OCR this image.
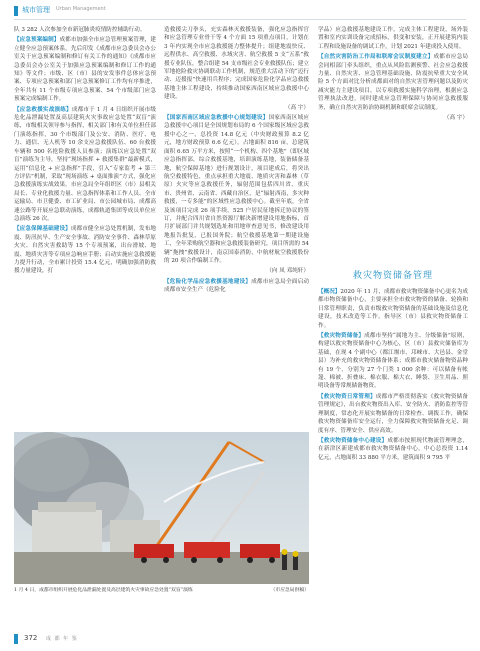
城市管理 Urban Management

队 3 282 人次参加全市新冠肺炎疫情防控辅助行动。

【应急预案编制】成都市加强全市应急管理预案管理，建立健全应急预案体系。先后印发《成都市应急委员会办公室关于应急预案编制和修订有关工作的通知》《成都市应急委员会办公室关于加强应急预案编制和修订工作的通知》等文件；市级、区（市）县的安发事件总体应急预案、专项应急预案和部门应急预案修订工作均有序推进，全年共有 11 个市级专项应急预案、54 个市级部门应急预案完成编制工作。

【应急救援实战演练】成都市于 1 月 4 日组织开展市级危化品泄漏处置及高层建筑火灾事故应急处置“双盲”演练，市级相关领导参与指挥，相关部门和有关单位担任部门演练指挥，30 个市级部门及公安、消防、医疗、电力、通信、无人机等 10 余支应急救援队伍、60 台救援车辆和 500 名抢险救援人员参演；演练以应急处置“双盲”演练为主导，坚持“现场指挥 + 救援集群”最新模式，运用“信息化 + 应急指挥”手段，引入“专家监考 + 第三方评估”机制，采取“现场演练 + 桌面推演”方式，强化应急救援演练实战效果。市应急局全年组织区（市）县相关局长、专业化救援力量、应急指挥体系和工作人员、全市运输局、市卫健委、市工矿业局、市公园城市局、成都高速公路等开展应急联动演练，成都轨道集团等成员单位应急演练 26 次。

【应急保障基础建设】成都市健全应急处置机制，发布地震、防汛抗旱、生产安全事故、消防安全事件、森林草原火灾、自然灾害救助等 15 个专项预案，出台滑坡、地震、地质灾害等专项应急响应手册；启动实施应急救援能力提升行动，全市累计投资 15.4 亿元，明确加强消防救援力量建设，打

造救援尖刀拳头，充实森林灭救援装备，强化应急指挥官和应急管理专业骨干等 4 个方面 15 项重点项目，计划在 3 年内实现全市应急救援能力整体提升；组建地震快反、远程供水、高空救援、水域灾害、航空救援 5 支“五系”救援专业队伍，整合组建 54 支市级社会专业救援队伍；建立军地抢险救灾协调联动工作机制，规范重大活动下的“迈行动、迈援报”快速用兵程序；完成国家危险化学品应急救援基地主体工程建设，持续推动国家西南区域应急救援中心建设。

（高 宇）

【国家西南区域应急救援中心规划建设】国家西南区域应急救援中心项目是全国规划布局的 6 个国家级区域应急救援中心之一，总投资 14.8 亿元（中央财政预算 8.2 亿元，地方财政预算 6.6 亿元），占地面积 816 亩，总建筑面积 6.65 万平方米，按照“一个机构、四个基地”（即区域应急指挥部，综合救援基地，培训演练基地，装备储备基地，航空保障基地）进行规划设计，项目建成后，将突出航空救援特色，重点承担重大地震、地质灾害和森林（草原）火灾等应急救援任务，辐射范围包括四川省、重庆市、贵州省、云南省、西藏自治区，是“辐射西南，多灾种救援，一专多能”的区域性应急救援中心。截至年底，全省及该项目完成 26 项手续，525 户居民征地拆迁协议的签订，并配合四川省自然资源厅解决新增建设用地指标，首月扩展部门并共规划选址和用地审查意见书，修改建设用地报告批复，已报国务院；航空救援基地第一期建设施工，全年采购航空器和应急救援装备研究，项目所需的 54 辆“拖拽”救援设计，南京国泰消防，中航材航空救援股份的 20 项合作编制工作。

（向 凤 邓纯轩）

【危险化学品应急救援基地建设】成都市应急局全面启动成都市安全生产（危险化

学品）应急救援基地建设工作，完成主体工程建设，场外装置和室内实训设备完成招标，供变和安装，正开展建筑内装工程和设施设备的调试工作，计划 2021 年建成投入使用。

【自然灾害防治工作局和联席会议制度建立】成都市应急局会同相部门牵头组织，重点从风险监测预警、社会应急救援力量、自然灾害、应急管理基础设施、防震抗晕重大安全风险 5 个方面对比分析成都面对的自然灾害管理问题以及防灾减灾能力主建设项目，以专项救援实施科学治理，根据应急管理执法改进，同时建成应急管理保障与协同应急救援服务，确立自然灾害防治协调机制和联席会议制度。

（高 宇）

救灾物资储备管理

【概况】2020 年 11 月，成都市救灾物资储备中心更名为成都市物资储备中心，主要承担全市救灾物资的储备、轮换和日常管理职责，负责市级救灾物资储备的基础设施及信息化建设，技术改造等工作，指导区（市）县救灾物资储备工作。

【救灾物资储备】成都市坚持“属地为主、分级储备”原则，构建以救灾物资储备中心为核心，区（市）县救灾储备库为基础，在现 4 个副中心（都江堰市、邛崃市、大邑县、金堂县）为补充的救灾物资储备体系；成都市救灾储备物资品种有 19 个，分别为 27 个门类 1 000 余种：可以储备有帐篷、棉被、折叠床、棉衣服、棉大衣、睡袋、卫生用品、照明设备等常规储备物资。

【救灾物资日常管理】成都市严格贯彻落实《救灾物资储备管理规定》，出台救灾物资出入库、安全防火、消防监控等管理制度，常态化开展实物储备的日常检查、调拨工作，确保救灾物资储备库安全运行，全力保障救灾物资储备充足、调度有序、管理安全、供应高效。

【救灾物资储备中心建设】成都市按照现代物流管理理念，在新津区新建成都市救灾物资储备中心，中心总投资 1.14 亿元，占地面积 33 880 平方米，建筑面积 9 795 平

1 月 4 日，成都市组织开展危化品泄漏处置及高层建筑火灾事故应急处置“双盲”演练	（市应急局供稿）
372 成 都 年 鉴
